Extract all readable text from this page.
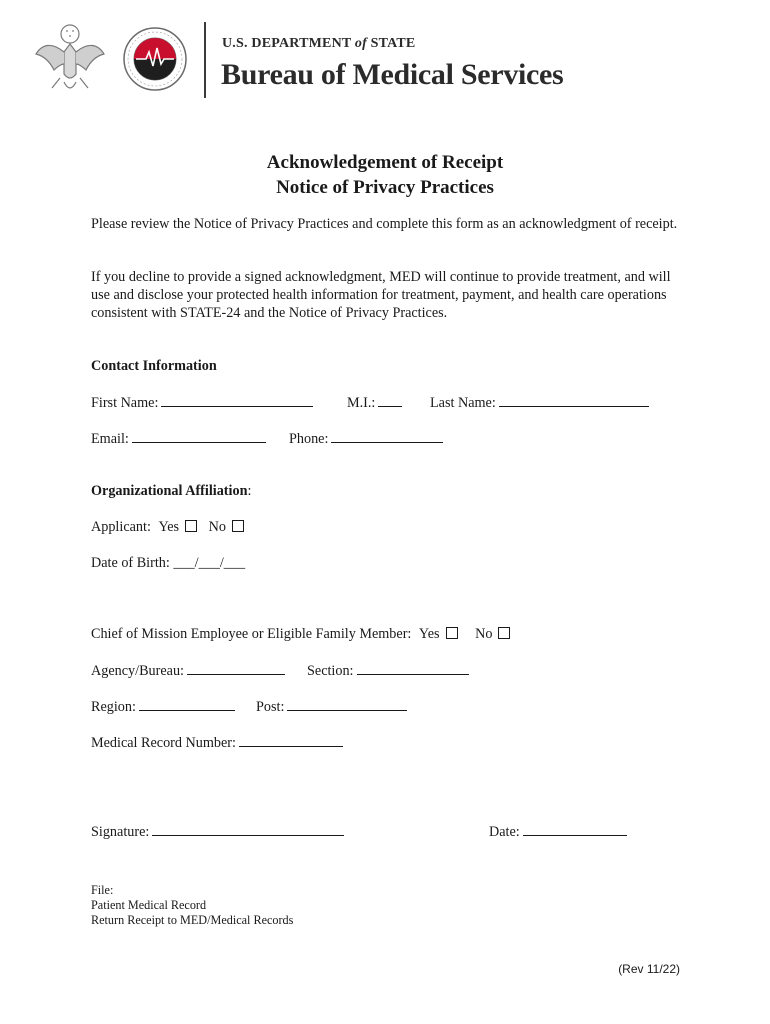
U.S. DEPARTMENT of STATE
Bureau of Medical Services
Acknowledgement of Receipt
Notice of Privacy Practices
Please review the Notice of Privacy Practices and complete this form as an acknowledgment of receipt.
If you decline to provide a signed acknowledgment, MED will continue to provide treatment, and will use and disclose your protected health information for treatment, payment, and health care operations consistent with STATE-24 and the Notice of Privacy Practices.
Contact Information
First Name:	M.I.:	Last Name:
Email:	Phone:
Organizational Affiliation:
Applicant: Yes No
Date of Birth: ___/___/___
Chief of Mission Employee or Eligible Family Member: Yes	No
Agency/Bureau:	Section:
Region:	Post:
Medical Record Number:
Signature:	Date:
File:
Patient Medical Record
Return Receipt to MED/Medical Records
(Rev 11/22)
